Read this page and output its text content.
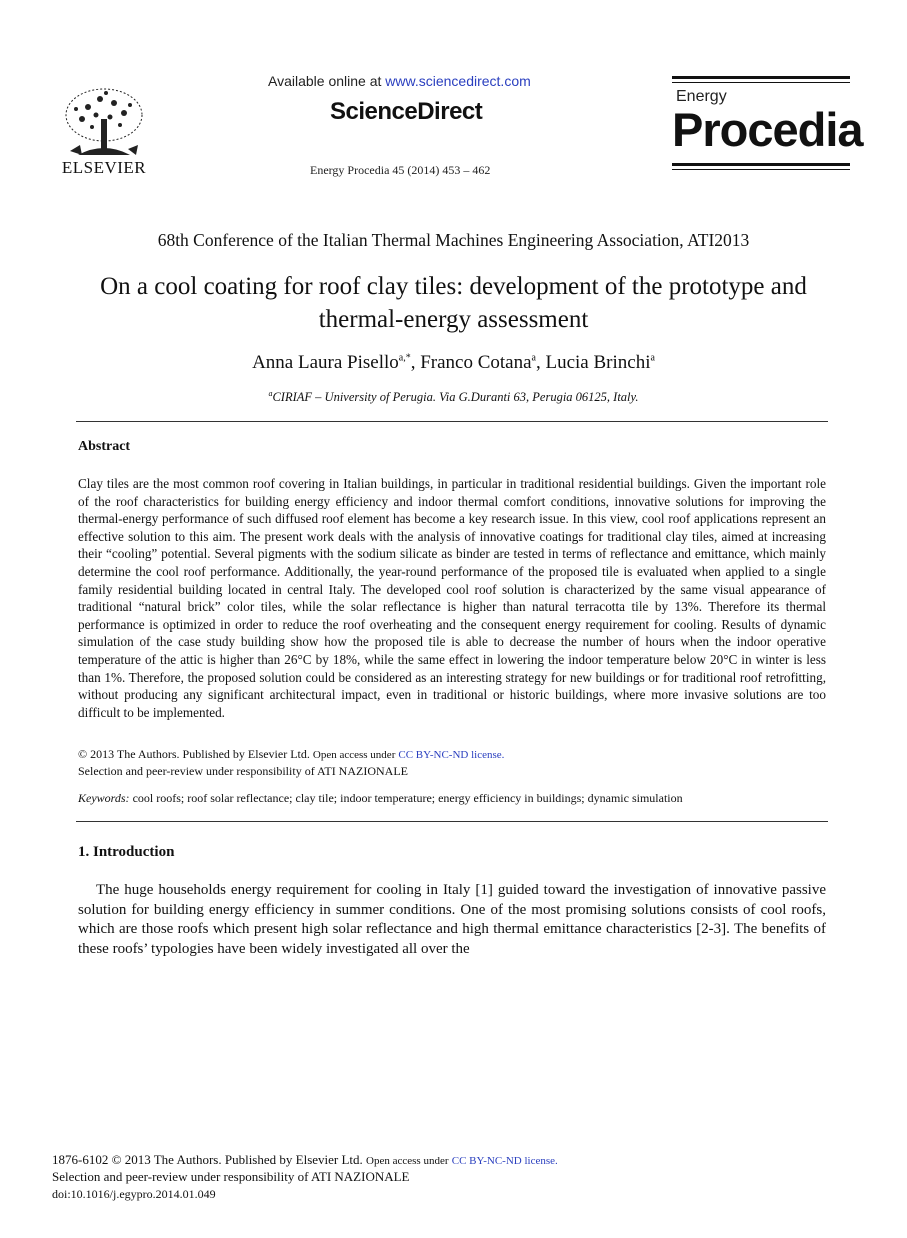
ELSEVIER
Available online at www.sciencedirect.com
ScienceDirect
Energy Procedia 45 (2014) 453 – 462
Energy
Procedia
68th Conference of the Italian Thermal Machines Engineering Association, ATI2013
On a cool coating for roof clay tiles: development of the prototype and thermal-energy assessment
Anna Laura Pisello$^{a,*}$, Franco Cotana$^a$, Lucia Brinchi$^a$
$^a$CIRIAF – University of Perugia. Via G.Duranti 63, Perugia 06125, Italy.
Abstract
Clay tiles are the most common roof covering in Italian buildings, in particular in traditional residential buildings. Given the important role of the roof characteristics for building energy efficiency and indoor thermal comfort conditions, innovative solutions for improving the thermal-energy performance of such diffused roof element has become a key research issue. In this view, cool roof applications represent an effective solution to this aim. The present work deals with the analysis of innovative coatings for traditional clay tiles, aimed at increasing their “cooling” potential. Several pigments with the sodium silicate as binder are tested in terms of reflectance and emittance, which mainly determine the cool roof performance. Additionally, the year-round performance of the proposed tile is evaluated when applied to a single family residential building located in central Italy. The developed cool roof solution is characterized by the same visual appearance of traditional “natural brick” color tiles, while the solar reflectance is higher than natural terracotta tile by 13%. Therefore its thermal performance is optimized in order to reduce the roof overheating and the consequent energy requirement for cooling. Results of dynamic simulation of the case study building show how the proposed tile is able to decrease the number of hours when the indoor operative temperature of the attic is higher than 26°C by 18%, while the same effect in lowering the indoor temperature below 20°C in winter is less than 1%. Therefore, the proposed solution could be considered as an interesting strategy for new buildings or for traditional roof retrofitting, without producing any significant architectural impact, even in traditional or historic buildings, where more invasive solutions are too difficult to be implemented.
© 2013 The Authors. Published by Elsevier Ltd. Open access under CC BY-NC-ND license.
Selection and peer-review under responsibility of ATI NAZIONALE
Keywords: cool roofs; roof solar reflectance; clay tile; indoor temperature; energy efficiency in buildings; dynamic simulation
1. Introduction
The huge households energy requirement for cooling in Italy [1] guided toward the investigation of innovative passive solution for building energy efficiency in summer conditions. One of the most promising solutions consists of cool roofs, which are those roofs which present high solar reflectance and high thermal emittance characteristics [2-3]. The benefits of these roofs’ typologies have been widely investigated all over the
1876-6102 © 2013 The Authors. Published by Elsevier Ltd. Open access under CC BY-NC-ND license.
Selection and peer-review under responsibility of ATI NAZIONALE
doi:10.1016/j.egypro.2014.01.049
